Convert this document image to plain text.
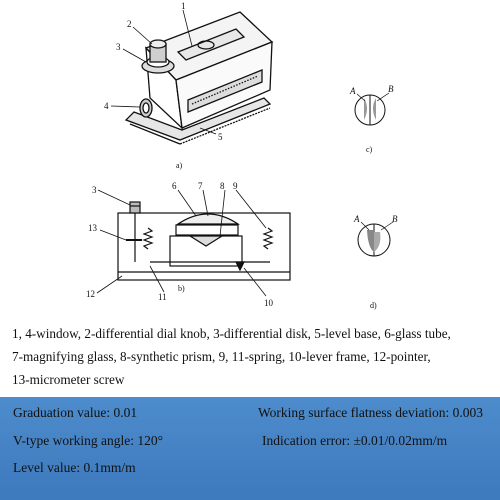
1
2
3
4
5
3	6 7 8 9
13
12	11
10
A	B
A	B
a)
b)
c)
d)
1, 4-window, 2-differential dial knob, 3-differential disk, 5-level base, 6-glass tube,
7-magnifying glass, 8-synthetic prism, 9, 11-spring, 10-lever frame, 12-pointer,
13-micrometer screw
Graduation value: 0.01	Working surface flatness deviation: 0.003
V-type working angle: 120°	Indication error: ±0.01/0.02mm/m
Level value: 0.1mm/m
